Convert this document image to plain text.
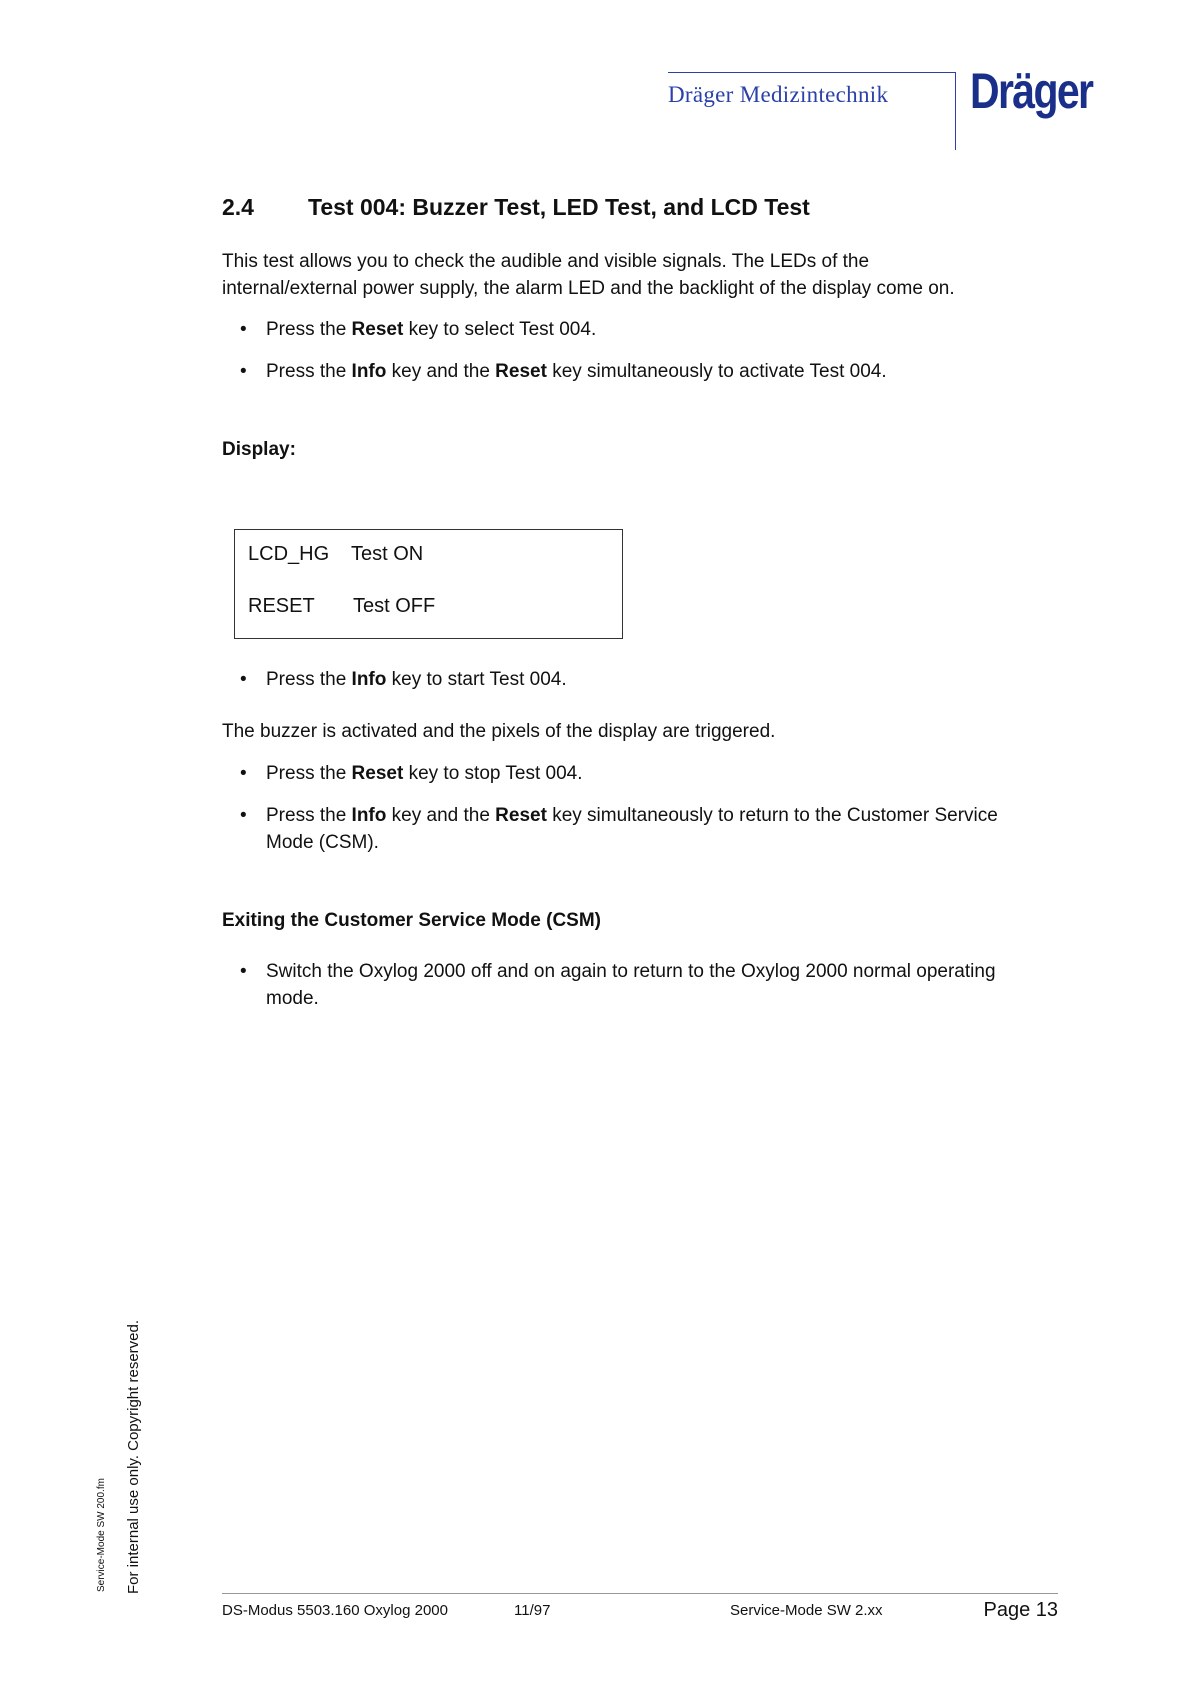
Dräger Medizintechnik Dräger
2.4 Test 004: Buzzer Test, LED Test, and LCD Test
This test allows you to check the audible and visible signals. The LEDs of the
internal/external power supply, the alarm LED and the backlight of the display come on.
•	Press the Reset key to select Test 004.
•	Press the Info key and the Reset key simultaneously to activate Test 004.
Display:
LCD_HG Test ON
RESET Test OFF
•	Press the Info key to start Test 004.
The buzzer is activated and the pixels of the display are triggered.
•	Press the Reset key to stop Test 004.
•	Press the Info key and the Reset key simultaneously to return to the Customer Service
Mode (CSM).
Exiting the Customer Service Mode (CSM)
•	Switch the Oxylog 2000 off and on again to return to the Oxylog 2000 normal operating
mode.
Service-Mode SW 200.fm For internal use only. Copyright reserved.
DS-Modus 5503.160 Oxylog 2000	11/97	Service-Mode SW 2.xx	Page 13
